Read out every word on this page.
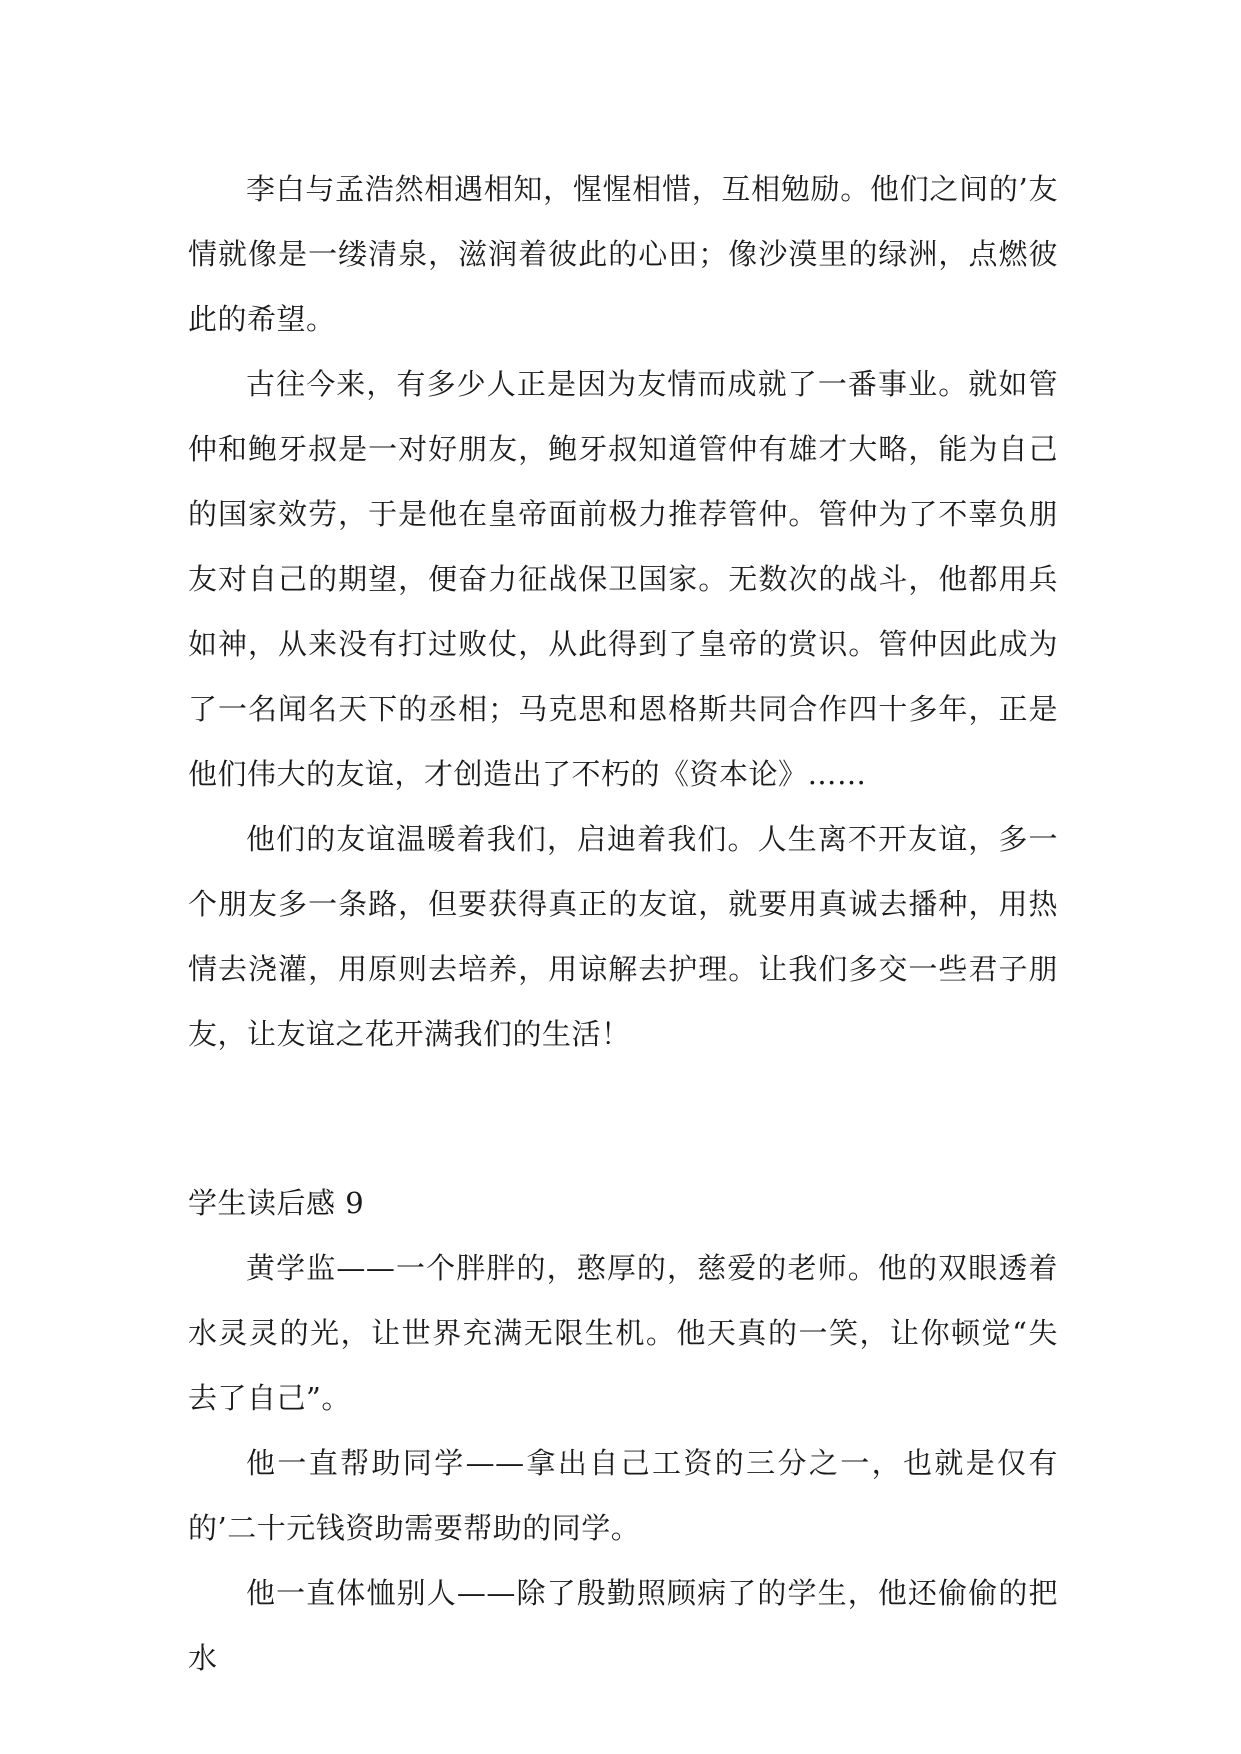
李白与孟浩然相遇相知，惺惺相惜，互相勉励。他们之间的’友情就像是一缕清泉，滋润着彼此的心田；像沙漠里的绿洲，点燃彼此的希望。

古往今来，有多少人正是因为友情而成就了一番事业。就如管仲和鲍牙叔是一对好朋友，鲍牙叔知道管仲有雄才大略，能为自己的国家效劳，于是他在皇帝面前极力推荐管仲。管仲为了不辜负朋友对自己的期望，便奋力征战保卫国家。无数次的战斗，他都用兵如神，从来没有打过败仗，从此得到了皇帝的赏识。管仲因此成为了一名闻名天下的丞相；马克思和恩格斯共同合作四十多年，正是他们伟大的友谊，才创造出了不朽的《资本论》……

他们的友谊温暖着我们，启迪着我们。人生离不开友谊，多一个朋友多一条路，但要获得真正的友谊，就要用真诚去播种，用热情去浇灌，用原则去培养，用谅解去护理。让我们多交一些君子朋友，让友谊之花开满我们的生活！

学生读后感 9

黄学监——一个胖胖的，憨厚的，慈爱的老师。他的双眼透着水灵灵的光，让世界充满无限生机。他天真的一笑，让你顿觉“失去了自己”。

他一直帮助同学——拿出自己工资的三分之一，也就是仅有的’二十元钱资助需要帮助的同学。

他一直体恤别人——除了殷勤照顾病了的学生，他还偷偷的把水
